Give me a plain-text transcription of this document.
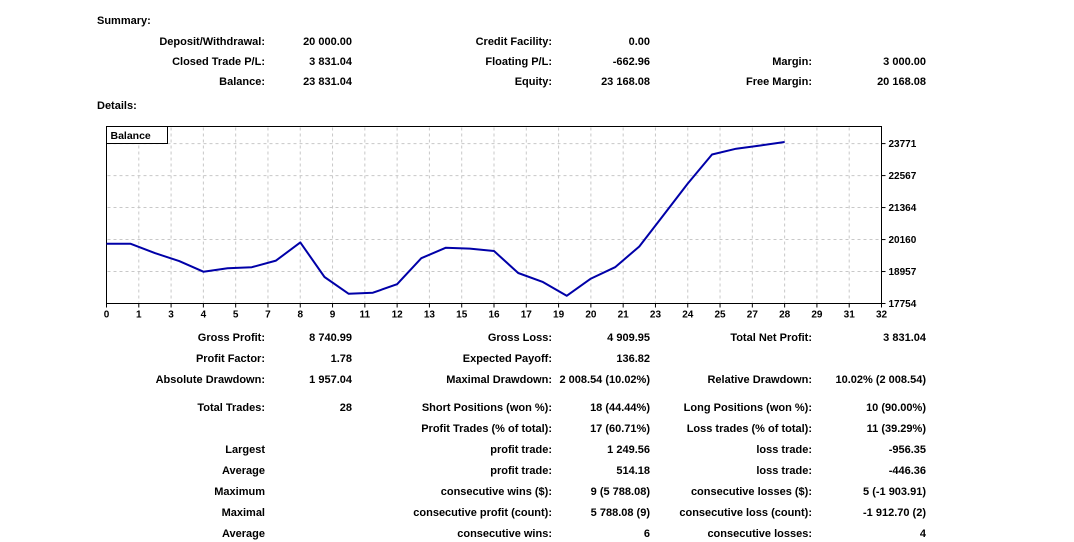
Summary:
Details:
Deposit/Withdrawal:	20 000.00	Credit Facility:	0.00
Closed Trade P/L:	3 831.04	Floating P/L:	-662.96	Margin:	3 000.00
Balance:	23 831.04	Equity:	23 168.08	Free Margin:	20 168.08
0	1	3	4	5	7	8	9 11 12 13 15 16 17 19 20 21 23 24 25 27 28 29 31 32
23771
22567
21364
20160
18957
17754
Balance
Gross Profit:	8 740.99	Gross Loss:	4 909.95	Total Net Profit:	3 831.04
Profit Factor:	1.78	Expected Payoff:	136.82
Absolute Drawdown:	1 957.04	Maximal Drawdown: 2 008.54 (10.02%)	Relative Drawdown:	10.02% (2 008.54)
Total Trades:	28	Short Positions (won %):	18 (44.44%)	Long Positions (won %):	10 (90.00%)
Profit Trades (% of total):	17 (60.71%)	Loss trades (% of total):	11 (39.29%)
Largest	profit trade:	1 249.56	loss trade:	-956.35
Average	profit trade:	514.18	loss trade:	-446.36
Maximum	consecutive wins ($):	9 (5 788.08)	consecutive losses ($):	5 (-1 903.91)
Maximal	consecutive profit (count):	5 788.08 (9)	consecutive loss (count):	-1 912.70 (2)
Average	consecutive wins:	6	consecutive losses:	4
